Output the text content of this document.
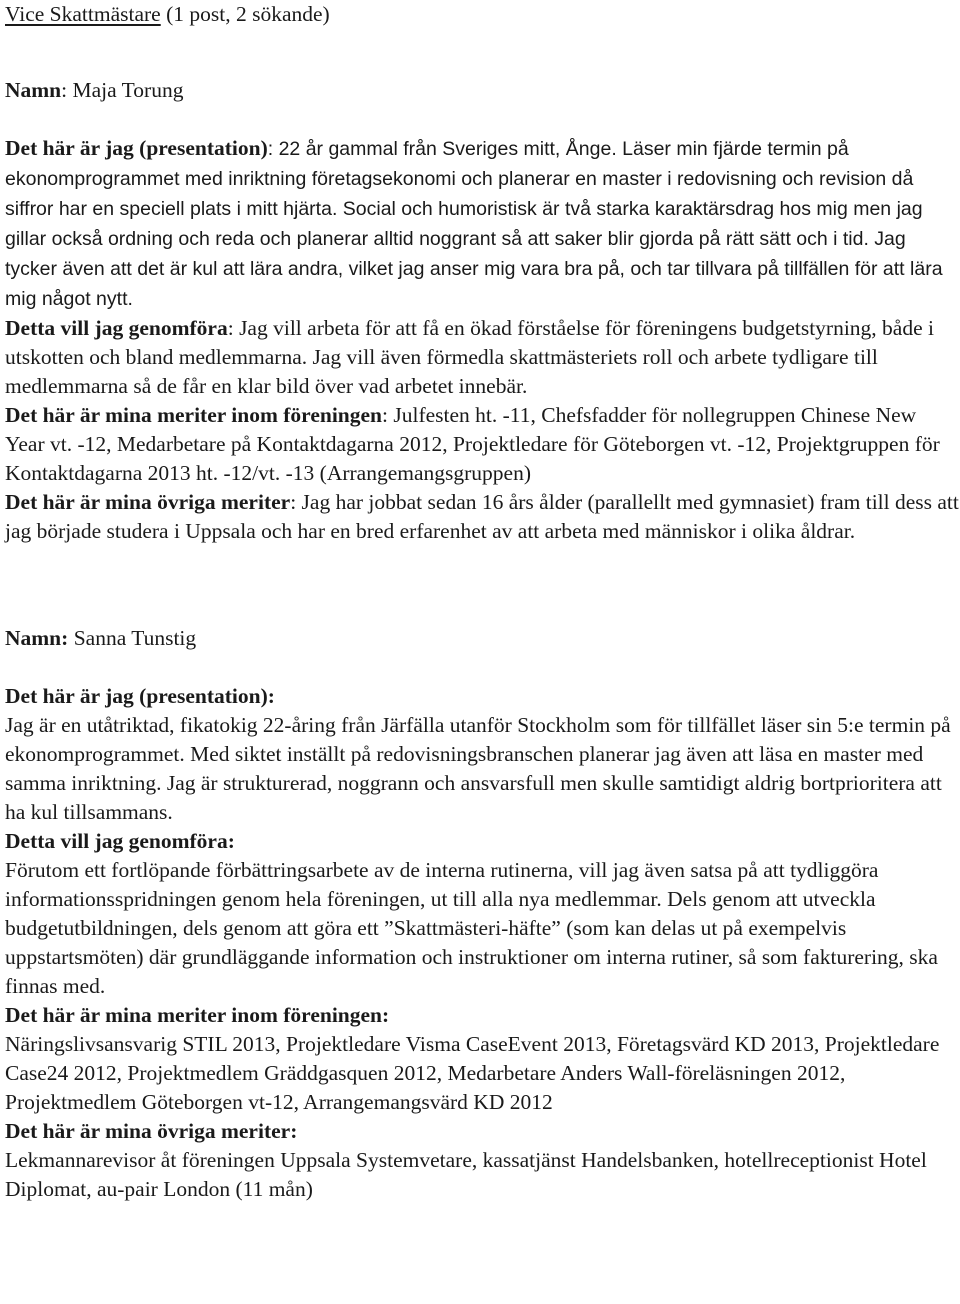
Vice Skattmästare (1 post, 2 sökande)

Namn: Maja Torung

Det här är jag (presentation): 22 år gammal från Sveriges mitt, Ånge. Läser min fjärde termin på ekonomprogrammet med inriktning företagsekonomi och planerar en master i redovisning och revision då siffror har en speciell plats i mitt hjärta. Social och humoristisk är två starka karaktärsdrag hos mig men jag gillar också ordning och reda och planerar alltid noggrant så att saker blir gjorda på rätt sätt och i tid. Jag tycker även att det är kul att lära andra, vilket jag anser mig vara bra på, och tar tillvara på tillfällen för att lära mig något nytt.

Detta vill jag genomföra: Jag vill arbeta för att få en ökad förståelse för föreningens budgetstyrning, både i utskotten och bland medlemmarna. Jag vill även förmedla skattmästeriets roll och arbete tydligare till medlemmarna så de får en klar bild över vad arbetet innebär.

Det här är mina meriter inom föreningen: Julfesten ht. -11, Chefsfadder för nollegruppen Chinese New Year vt. -12, Medarbetare på Kontaktdagarna 2012, Projektledare för Göteborgen vt. -12, Projektgruppen för Kontaktdagarna 2013 ht. -12/vt. -13 (Arrangemangsgruppen)

Det här är mina övriga meriter: Jag har jobbat sedan 16 års ålder (parallellt med gymnasiet) fram till dess att jag började studera i Uppsala och har en bred erfarenhet av att arbeta med människor i olika åldrar.

Namn: Sanna Tunstig

Det här är jag (presentation):

Jag är en utåtriktad, fikatokig 22-åring från Järfälla utanför Stockholm som för tillfället läser sin 5:e termin på ekonomprogrammet. Med siktet inställt på redovisningsbranschen planerar jag även att läsa en master med samma inriktning. Jag är strukturerad, noggrann och ansvarsfull men skulle samtidigt aldrig bortprioritera att ha kul tillsammans.

Detta vill jag genomföra:

Förutom ett fortlöpande förbättringsarbete av de interna rutinerna, vill jag även satsa på att tydliggöra informationsspridningen genom hela föreningen, ut till alla nya medlemmar. Dels genom att utveckla budgetutbildningen, dels genom att göra ett ”Skattmästeri-häfte” (som kan delas ut på exempelvis uppstartsmöten) där grundläggande information och instruktioner om interna rutiner, så som fakturering, ska finnas med.

Det här är mina meriter inom föreningen:

Näringslivsansvarig STIL 2013, Projektledare Visma CaseEvent 2013, Företagsvärd KD 2013, Projektledare Case24 2012, Projektmedlem Gräddgasquen 2012, Medarbetare Anders Wall-föreläsningen 2012, Projektmedlem Göteborgen vt-12, Arrangemangsvärd KD 2012

Det här är mina övriga meriter:

Lekmannarevisor åt föreningen Uppsala Systemvetare, kassatjänst Handelsbanken, hotellreceptionist Hotel Diplomat, au-pair London (11 mån)
